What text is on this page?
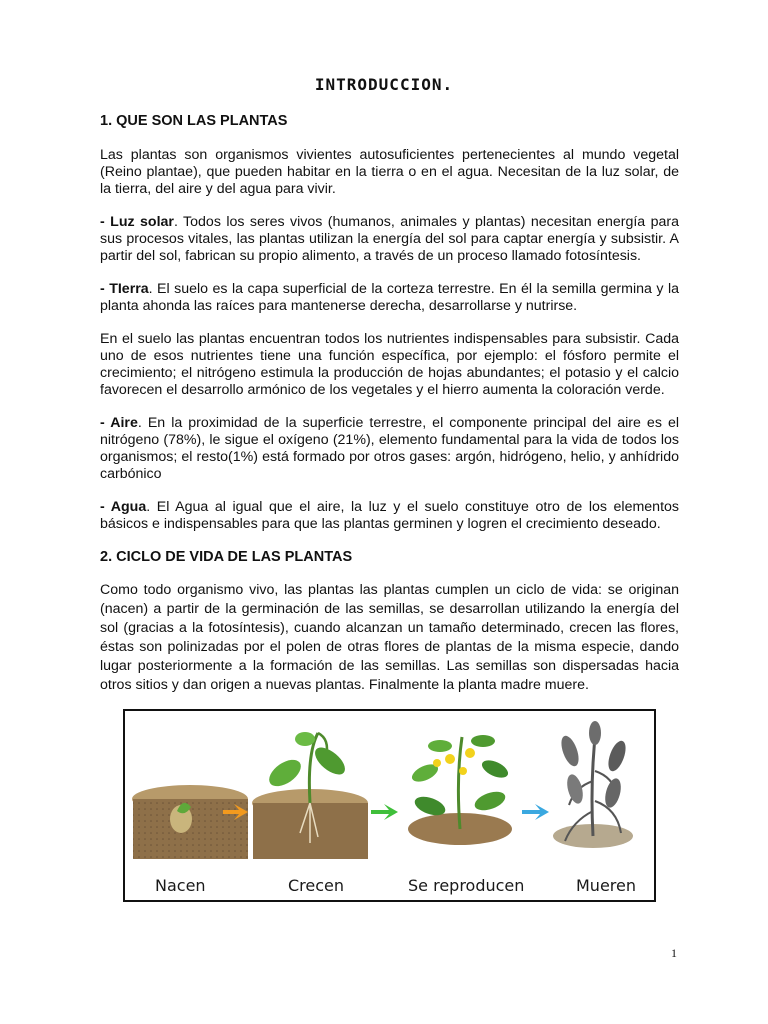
INTRODUCCION.
1. QUE SON LAS PLANTAS
Las plantas son organismos vivientes autosuficientes pertenecientes al mundo vegetal (Reino plantae), que pueden habitar en la tierra o en el agua. Necesitan de la luz solar, de la tierra, del aire y del agua para vivir.
- Luz solar. Todos los seres vivos (humanos, animales y plantas) necesitan energía para sus procesos vitales, las plantas utilizan la energía del sol para captar energía y subsistir. A partir del sol, fabrican su propio alimento, a través de un proceso llamado fotosíntesis.
- TIerra. El suelo es la capa superficial de la corteza terrestre. En él la semilla germina y la planta ahonda las raíces para mantenerse derecha, desarrollarse y nutrirse.
En el suelo las plantas encuentran todos los nutrientes indispensables para subsistir. Cada uno de esos nutrientes tiene una función específica, por ejemplo: el fósforo permite el crecimiento; el nitrógeno estimula la producción de hojas abundantes; el potasio y el calcio favorecen el desarrollo armónico de los vegetales y el hierro aumenta la coloración verde.
- Aire. En la proximidad de la superficie terrestre, el componente principal del aire es el nitrógeno (78%), le sigue el oxígeno (21%), elemento fundamental para la vida de todos los organismos; el resto(1%) está formado por otros gases: argón, hidrógeno, helio, y anhídrido carbónico
- Agua. El Agua al igual que el aire, la luz y el suelo constituye otro de los elementos básicos e indispensables para que las plantas germinen y logren el crecimiento deseado.
2. CICLO DE VIDA DE LAS PLANTAS
Como todo organismo vivo, las plantas las plantas cumplen un ciclo de vida: se originan (nacen) a partir de la germinación de las semillas, se desarrollan utilizando la energía del sol (gracias a la fotosíntesis), cuando alcanzan un tamaño determinado, crecen las flores, éstas son polinizadas por el polen de otras flores de plantas de la misma especie, dando lugar posteriormente a la formación de las semillas. Las semillas son dispersadas hacia otros sitios y dan origen a nuevas plantas. Finalmente la planta madre muere.
Nacen	Crecen	Se reproducen	Mueren
1
